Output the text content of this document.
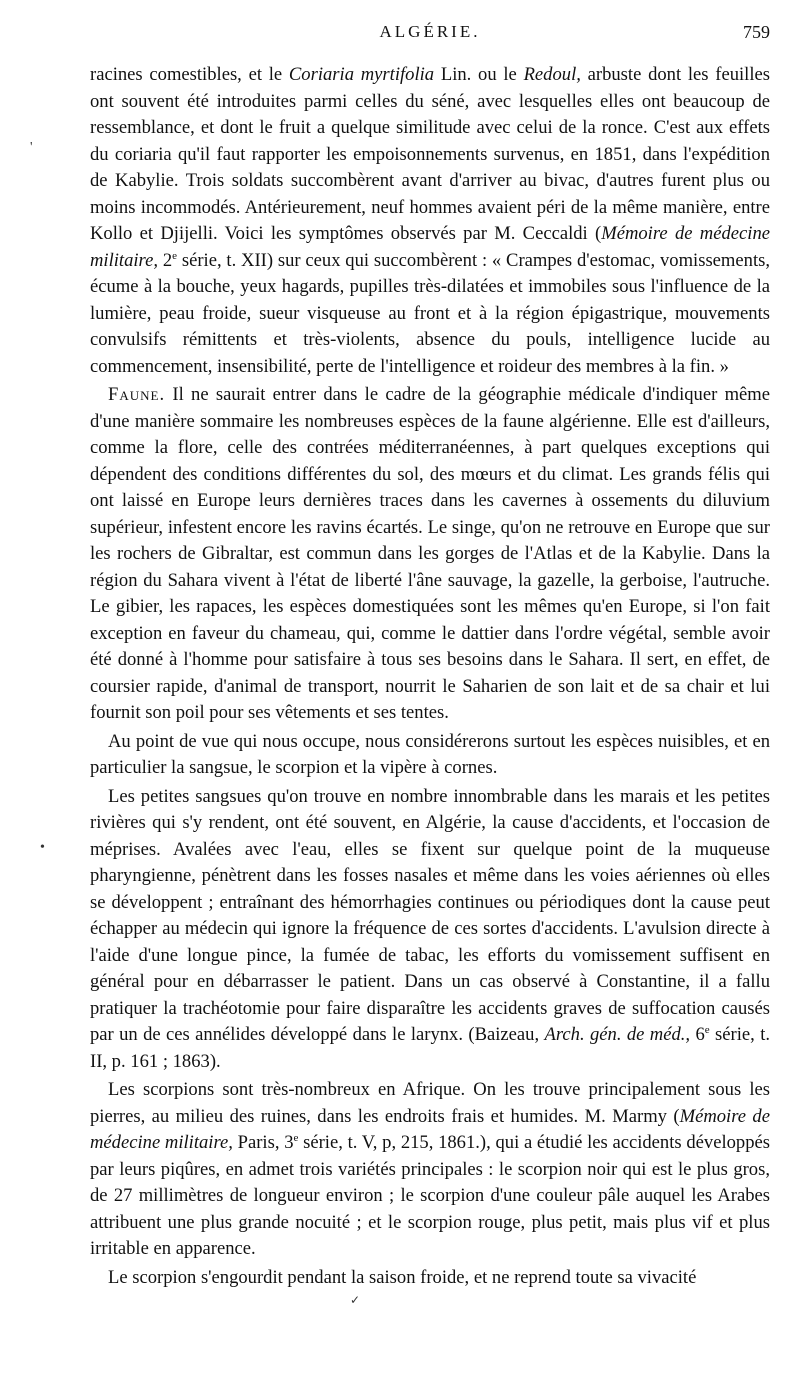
ALGÉRIE.	759
'
•
✓

racines comestibles, et le Coriaria myrtifolia Lin. ou le Redoul, arbuste dont les feuilles ont souvent été introduites parmi celles du séné, avec lesquelles elles ont beaucoup de ressemblance, et dont le fruit a quelque similitude avec celui de la ronce. C'est aux effets du coriaria qu'il faut rapporter les empoisonnements survenus, en 1851, dans l'expédition de Kabylie. Trois soldats succombèrent avant d'arriver au bivac, d'autres furent plus ou moins incommodés. Antérieurement, neuf hommes avaient péri de la même manière, entre Kollo et Djijelli. Voici les symptômes observés par M. Ceccaldi (Mémoire de médecine militaire, 2e série, t. XII) sur ceux qui succombèrent : « Crampes d'estomac, vomissements, écume à la bouche, yeux hagards, pupilles très-dilatées et immobiles sous l'influence de la lumière, peau froide, sueur visqueuse au front et à la région épigastrique, mouvements convulsifs rémittents et très-violents, absence du pouls, intelligence lucide au commencement, insensibilité, perte de l'intelligence et roideur des membres à la fin. »

Faune. Il ne saurait entrer dans le cadre de la géographie médicale d'indiquer même d'une manière sommaire les nombreuses espèces de la faune algérienne. Elle est d'ailleurs, comme la flore, celle des contrées méditerranéennes, à part quelques exceptions qui dépendent des conditions différentes du sol, des mœurs et du climat. Les grands félis qui ont laissé en Europe leurs dernières traces dans les cavernes à ossements du diluvium supérieur, infestent encore les ravins écartés. Le singe, qu'on ne retrouve en Europe que sur les rochers de Gibraltar, est commun dans les gorges de l'Atlas et de la Kabylie. Dans la région du Sahara vivent à l'état de liberté l'âne sauvage, la gazelle, la gerboise, l'autruche. Le gibier, les rapaces, les espèces domestiquées sont les mêmes qu'en Europe, si l'on fait exception en faveur du chameau, qui, comme le dattier dans l'ordre végétal, semble avoir été donné à l'homme pour satisfaire à tous ses besoins dans le Sahara. Il sert, en effet, de coursier rapide, d'animal de transport, nourrit le Saharien de son lait et de sa chair et lui fournit son poil pour ses vêtements et ses tentes.

Au point de vue qui nous occupe, nous considérerons surtout les espèces nuisibles, et en particulier la sangsue, le scorpion et la vipère à cornes.

Les petites sangsues qu'on trouve en nombre innombrable dans les marais et les petites rivières qui s'y rendent, ont été souvent, en Algérie, la cause d'accidents, et l'occasion de méprises. Avalées avec l'eau, elles se fixent sur quelque point de la muqueuse pharyngienne, pénètrent dans les fosses nasales et même dans les voies aériennes où elles se développent ; entraînant des hémorrhagies continues ou périodiques dont la cause peut échapper au médecin qui ignore la fréquence de ces sortes d'accidents. L'avulsion directe à l'aide d'une longue pince, la fumée de tabac, les efforts du vomissement suffisent en général pour en débarrasser le patient. Dans un cas observé à Constantine, il a fallu pratiquer la trachéotomie pour faire disparaître les accidents graves de suffocation causés par un de ces annélides développé dans le larynx. (Baizeau, Arch. gén. de méd., 6e série, t. II, p. 161 ; 1863).

Les scorpions sont très-nombreux en Afrique. On les trouve principalement sous les pierres, au milieu des ruines, dans les endroits frais et humides. M. Marmy (Mémoire de médecine militaire, Paris, 3e série, t. V, p, 215, 1861.), qui a étudié les accidents développés par leurs piqûres, en admet trois variétés principales : le scorpion noir qui est le plus gros, de 27 millimètres de longueur environ ; le scorpion d'une couleur pâle auquel les Arabes attribuent une plus grande nocuité ; et le scorpion rouge, plus petit, mais plus vif et plus irritable en apparence.

Le scorpion s'engourdit pendant la saison froide, et ne reprend toute sa vivacité
